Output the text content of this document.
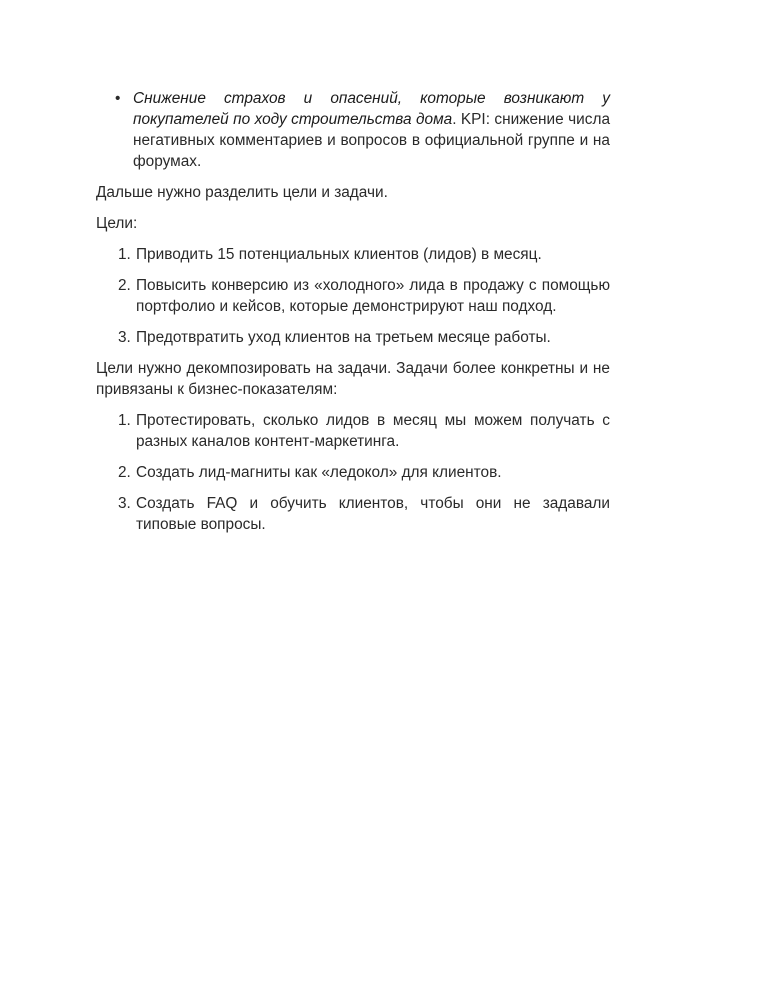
• Снижение страхов и опасений, которые возникают у покупателей по ходу строительства дома. KPI: снижение числа негативных комментариев и вопросов в официальной группе и на форумах.

Дальше нужно разделить цели и задачи.

Цели:

1. Приводить 15 потенциальных клиентов (лидов) в месяц.
2. Повысить конверсию из «холодного» лида в продажу с помощью портфолио и кейсов, которые демонстрируют наш подход.
3. Предотвратить уход клиентов на третьем месяце работы.

Цели нужно декомпозировать на задачи. Задачи более конкретны и не привязаны к бизнес-показателям:

1. Протестировать, сколько лидов в месяц мы можем получать с разных каналов контент-маркетинга.
2. Создать лид-магниты как «ледокол» для клиентов.
3. Создать FAQ и обучить клиентов, чтобы они не задавали типовые вопросы.
